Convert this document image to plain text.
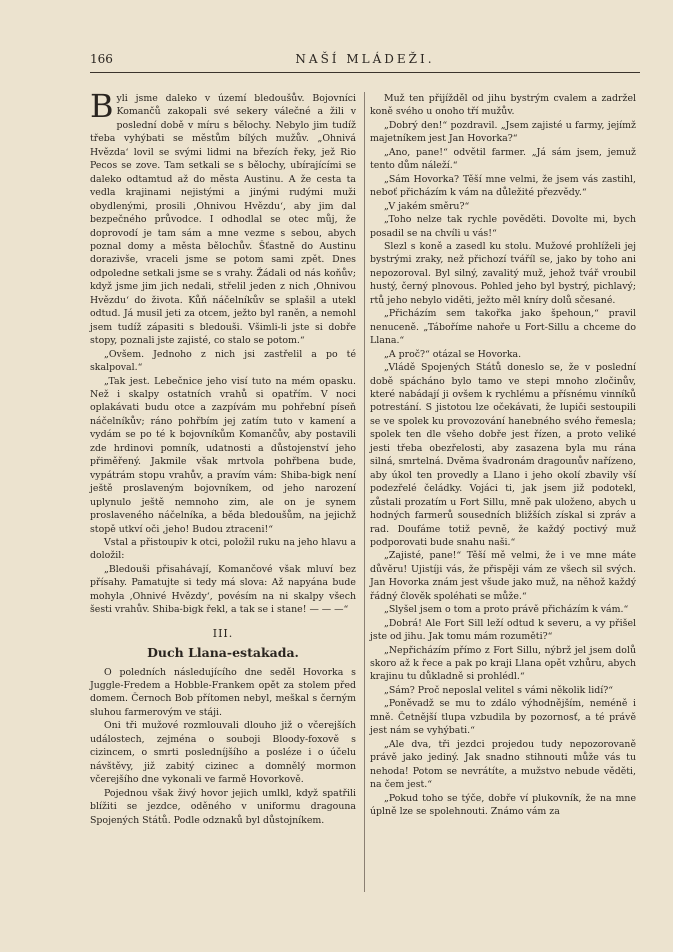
166	NAŠÍ MLÁDEŽI.

Byli jsme daleko v území bledoušův. Bojovníci Komančů zakopali své sekery válečné a žili v poslední době v míru s bělochy. Nebylo jim tudíž třeba vyhýbati se městům bílých mužův. „Ohnivá Hvězda‘ lovil se svými lidmi na březích řeky, jež Rio Pecos se zove. Tam setkali se s bělochy, ubírajícími se daleko odtamtud až do města Austinu. A že cesta ta vedla krajinami nejistými a jinými rudými muži obydlenými, prosili ‚Ohnivou Hvězdu‘, aby jim dal bezpečného průvodce. I odhodlal se otec můj, že doprovodí je tam sám a mne vezme s sebou, abych poznal domy a města bělochův. Šťastně do Austinu dorazivše, vraceli jsme se potom sami zpět. Dnes odpoledne setkali jsme se s vrahy. Žádali od nás koňův; když jsme jim jich nedali, střelil jeden z nich ‚Ohnivou Hvězdu‘ do života. Kůň náčelníkův se splašil a utekl odtud. Já musil jeti za otcem, ježto byl raněn, a nemohl jsem tudíž zápasiti s bledouši. Všimli-li jste si dobře stopy, poznali jste zajisté, co stalo se potom.“

„Ovšem. Jednoho z nich jsi zastřelil a po té skalpoval.“

„Tak jest. Lebečnice jeho visí tuto na mém opasku. Než i skalpy ostatních vrahů si opatřím. V noci oplakávati budu otce a zazpívám mu pohřební píseň náčelníkův; ráno pohřbím jej zatím tuto v kamení a vydám se po té k bojovníkům Komančův, aby postavili zde hrdinovi pomník, udatnosti a důstojenství jeho přiměřený. Jakmile však mrtvola pohřbena bude, vypátrám stopu vrahův, a pravím vám: Shiba-bigk není ještě proslaveným bojovníkem, od jeho narození uplynulo ještě nemnoho zim, ale on je synem proslaveného náčelníka, a běda bledoušům, na jejichž stopě utkví oči ‚jeho! Budou ztraceni!“

Vstal a přistoupiv k otci, položil ruku na jeho hlavu a doložil:

„Bledouši přisahávají, Komančové však mluví bez přísahy. Pamatujte si tedy má slova: Až napyána bude mohyla ‚Ohnivé Hvězdy‘, povésím na ni skalpy všech šesti vrahův. Shiba-bigk řekl, a tak se i stane! — — —“

III.
Duch Llana-estakada.

O poledních následujícího dne seděl Hovorka s Juggle-Fredem a Hobble-Frankem opět za stolem před domem. Černoch Bob přítomen nebyl, meškal s černým sluhou farmerovým ve stáji.

Oni tři mužové rozmlouvali dlouho již o včerejších událostech, zejména o souboji Bloody-foxově s cizincem, o smrti posledníjšího a posléze i o účelu návštěvy, již zabitý cizinec a domnělý mormon včerejšího dne vykonali ve farmě Hovorkově.

Pojednou však živý hovor jejich umlkl, když spatřili blížiti se jezdce, oděného v uniformu dragouna Spojených Států. Podle odznaků byl důstojníkem.

Muž ten přijížděl od jihu bystrým cvalem a zadržel koně svého u onoho tří mužův.

„Dobrý den!“ pozdravil. „Jsem zajisté u farmy, jejímž majetníkem jest Jan Hovorka?“

„Ano, pane!“ odvětil farmer. „Já sám jsem, jemuž tento dům náleží.“

„Sám Hovorka? Těší mne velmi, že jsem vás zastihl, neboť přicházím k vám na důležité přezvědy.“

„V jakém směru?“

„Toho nelze tak rychle pověděti. Dovolte mi, bych posadil se na chvíli u vás!“

Slezl s koně a zasedl ku stolu. Mužové prohlíželi jej bystrými zraky, než přichozí tváříl se, jako by toho ani nepozoroval. Byl silný, zavalitý muž, jehož tvář vroubil hustý, černý plnovous. Pohled jeho byl bystrý, pichlavý; rtů jeho nebylo viděti, ježto měl kníry dolů sčesané.

„Přicházím sem takořka jako špehoun,“ pravil nenuceně. „Táboříme nahoře u Fort-Sillu a chceme do Llana.“

„A proč?“ otázal se Hovorka.

„Vládě Spojených Států doneslo se, že v poslední době spácháno bylo tamo ve stepi mnoho zločinův, které nabádají ji ovšem k rychlému a přísnému vinníků potrestání. S jistotou lze očekávati, že lupiči sestoupili se ve spolek ku provozování hanebného svého řemesla; spolek ten dle všeho dobře jest řízen, a proto veliké jesti třeba obezřelosti, aby zasazena byla mu rána silná, smrtelná. Dvěma švadronám dragounův nařízeno, aby úkol ten provedly a Llano i jeho okolí zbavily vší podezřelé čeládky. Vojáci ti, jak jsem již podotekl, zůstali prozatím u Fort Sillu, mně pak uloženo, abych u hodných farmerů sousedních bližších získal si zpráv a rad. Doufáme totiž pevně, že každý poctivý muž podporovati bude snahu naši.“

„Zajisté, pane!“ Těší mě velmi, že i ve mne máte důvěru! Ujistíji vás, že přispěji vám ze všech sil svých. Jan Hovorka znám jest všude jako muž, na něhož každý řádný člověk spoléhati se může.“

„Slyšel jsem o tom a proto právě přicházím k vám.“

„Dobrá! Ale Fort Sill leží odtud k severu, a vy přišel jste od jihu. Jak tomu mám rozuměti?“

„Nepřicházím přímo z Fort Sillu, nýbrž jel jsem dolů skoro až k řece a pak po kraji Llana opět vzhůru, abych krajinu tu důkladně si prohlédl.“

„Sám? Proč neposlal velitel s vámi několik lidí?“

„Poněvadž se mu to zdálo výhodnějším, neméně i mně. Četnější tlupa vzbudila by pozornosť, a té právě jest nám se vyhýbati.“

„Ale dva, tři jezdci projedou tudy nepozorovaně právě jako jediný. Jak snadno stihnouti může vás tu nehoda! Potom se nevrátíte, a mužstvo nebude věděti, na čem jest.“

„Pokud toho se týče, dobře ví plukovník, že na mne úplně lze se spolehnouti. Známo vám za
